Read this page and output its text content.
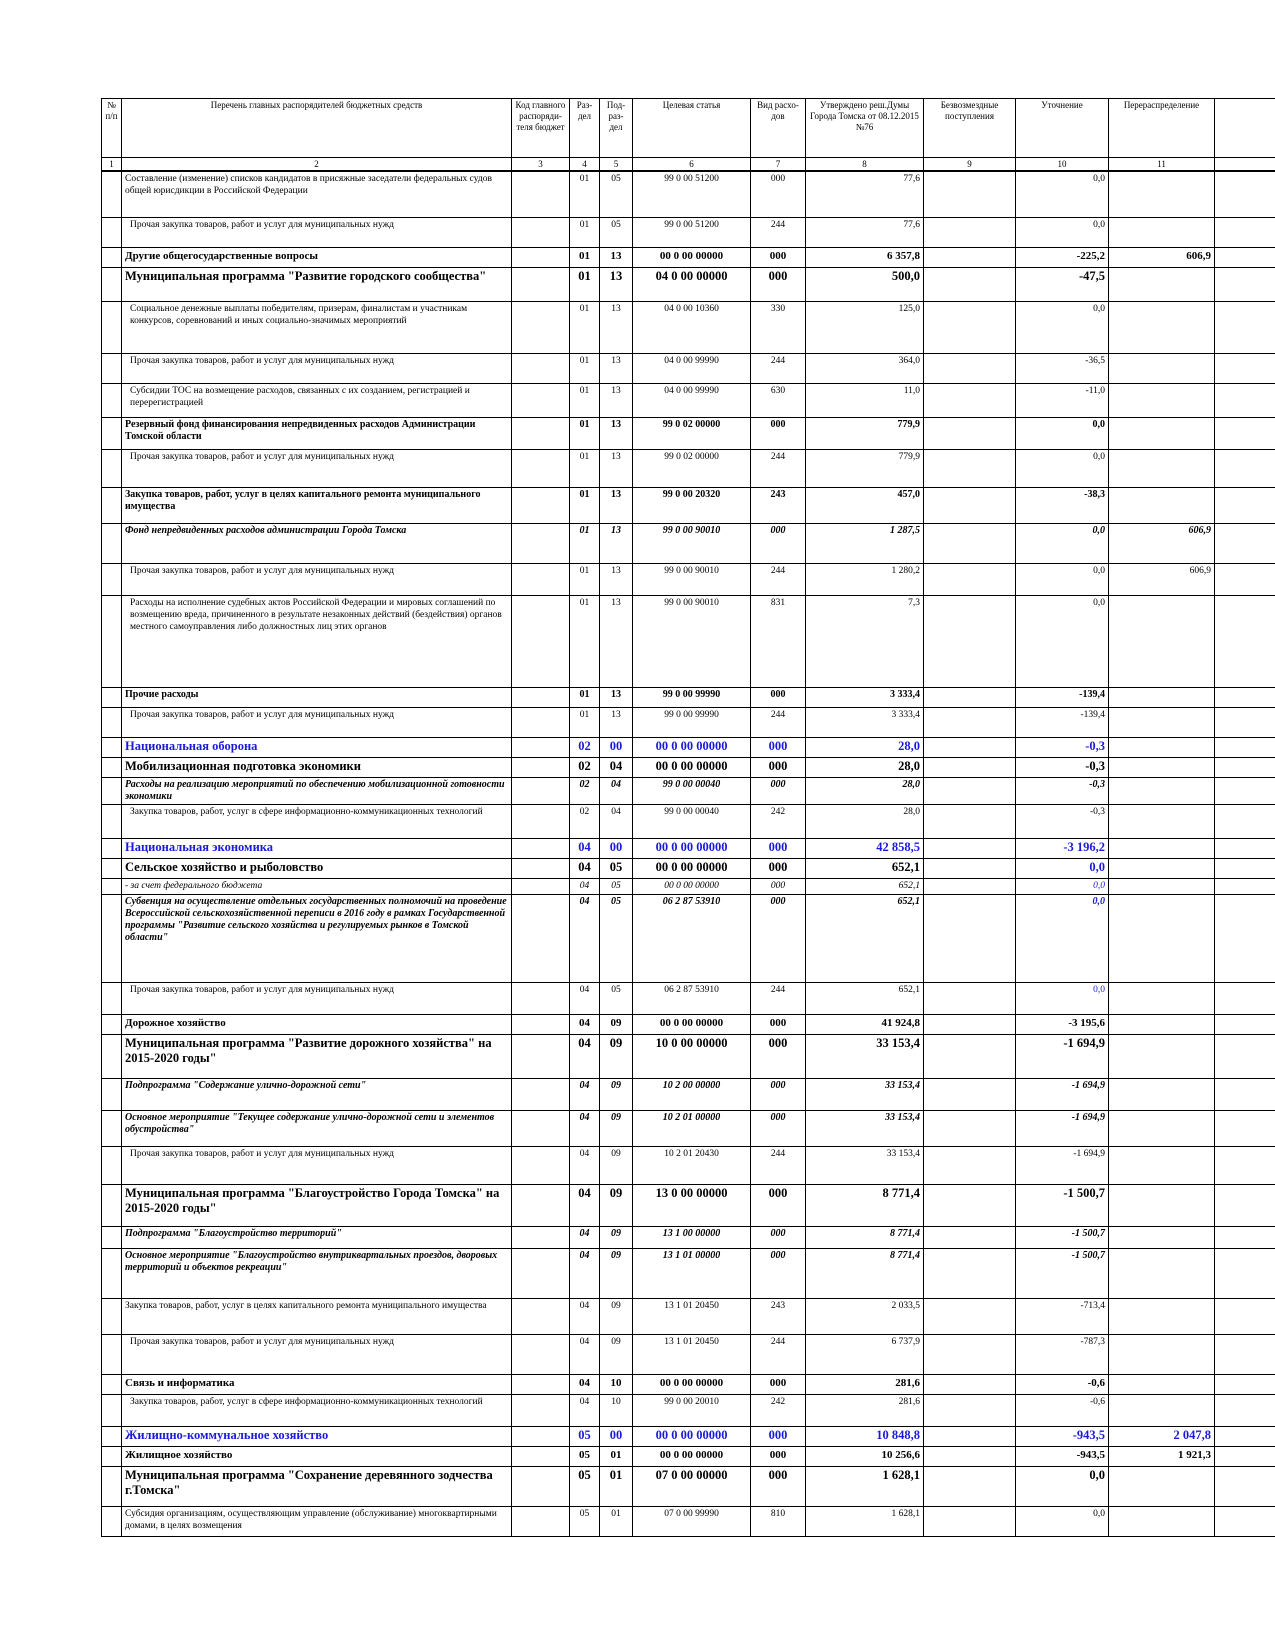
№ п/п	Перечень главных распорядителей бюджетных средств	Код главного распоряди-теля бюджет	Раз-дел	Под-раз-дел	Целевая статья	Вид расхо-дов	Утверждено реш.Думы Города Томска от 08.12.2015 №76	Безвозмездные поступления	Уточнение	Перераспределение	
1	2	3	4	5	6	7	8	9	10	11	
	Составление (изменение) списков кандидатов в присяжные заседатели федеральных судов общей юрисдикции в Российской Федерации		01	05	99 0 00 51200	000	77,6		0,0		
	Прочая закупка товаров, работ и услуг для муниципальных нужд		01	05	99 0 00 51200	244	77,6		0,0		
	Другие общегосударственные вопросы		01	13	00 0 00 00000	000	6 357,8		-225,2	606,9	
	Муниципальная программа "Развитие городского сообщества"		01	13	04 0 00 00000	000	500,0		-47,5		
	Социальное денежные выплаты победителям, призерам, финалистам и участникам конкурсов, соревнований и иных социально-значимых мероприятий		01	13	04 0 00 10360	330	125,0		0,0		
	Прочая закупка товаров, работ и услуг для муниципальных нужд		01	13	04 0 00 99990	244	364,0		-36,5		
	Субсидии ТОС на возмещение расходов, связанных с их созданием, регистрацией и перерегистрацией		01	13	04 0 00 99990	630	11,0		-11,0		
	Резервный фонд финансирования непредвиденных расходов Администрации Томской области		01	13	99 0 02 00000	000	779,9		0,0		
	Прочая закупка товаров, работ и услуг для муниципальных нужд		01	13	99 0 02 00000	244	779,9		0,0		
	Закупка товаров, работ, услуг в целях капитального ремонта муниципального имущества		01	13	99 0 00 20320	243	457,0		-38,3		
	Фонд непредвиденных расходов администрации Города Томска		01	13	99 0 00 90010	000	1 287,5		0,0	606,9	
	Прочая закупка товаров, работ и услуг для муниципальных нужд		01	13	99 0 00 90010	244	1 280,2		0,0	606,9	
	Расходы на исполнение судебных актов Российской Федерации и мировых соглашений по возмещению вреда, причиненного в результате незаконных действий (бездействия) органов местного самоуправления либо должностных лиц этих органов		01	13	99 0 00 90010	831	7,3		0,0		
	Прочие расходы		01	13	99 0 00 99990	000	3 333,4		-139,4		
	Прочая закупка товаров, работ и услуг для муниципальных нужд		01	13	99 0 00 99990	244	3 333,4		-139,4		
	Национальная оборона		02	00	00 0 00 00000	000	28,0		-0,3		
	Мобилизационная подготовка экономики		02	04	00 0 00 00000	000	28,0		-0,3		
	Расходы на реализацию мероприятий по обеспечению мобилизационной готовности экономики		02	04	99 0 00 00040	000	28,0		-0,3		
	Закупка товаров, работ, услуг в сфере информационно-коммуникационных технологий		02	04	99 0 00 00040	242	28,0		-0,3		
	Национальная экономика		04	00	00 0 00 00000	000	42 858,5		-3 196,2		
	Сельское хозяйство и рыболовство		04	05	00 0 00 00000	000	652,1		0,0		
	- за счет федерального бюджета		04	05	00 0 00 00000	000	652,1		0,0		
	Субвенция на осуществление отдельных государственных полномочий на проведение Всероссийской сельскохозяйственной переписи в 2016 году в рамках Государственной программы "Развитие сельского хозяйства и регулируемых рынков в Томской области"		04	05	06 2 87 53910	000	652,1		0,0		
	Прочая закупка товаров, работ и услуг для муниципальных нужд		04	05	06 2 87 53910	244	652,1		0,0		
	Дорожное хозяйство		04	09	00 0 00 00000	000	41 924,8		-3 195,6		
	Муниципальная программа "Развитие дорожного хозяйства" на 2015-2020 годы"		04	09	10 0 00 00000	000	33 153,4		-1 694,9		
	Подпрограмма "Содержание улично-дорожной сети"		04	09	10 2 00 00000	000	33 153,4		-1 694,9		
	Основное мероприятие "Текущее содержание улично-дорожной сети и элементов обустройства"		04	09	10 2 01 00000	000	33 153,4		-1 694,9		
	Прочая закупка товаров, работ и услуг для муниципальных нужд		04	09	10 2 01 20430	244	33 153,4		-1 694,9		
	Муниципальная программа "Благоустройство Города Томска" на 2015-2020 годы"		04	09	13 0 00 00000	000	8 771,4		-1 500,7		
	Подпрограмма "Благоустройство территорий"		04	09	13 1 00 00000	000	8 771,4		-1 500,7		
	Основное мероприятие "Благоустройство внутриквартальных проездов, дворовых территорий и объектов рекреации"		04	09	13 1 01 00000	000	8 771,4		-1 500,7		
	Закупка товаров, работ, услуг в целях капитального ремонта муниципального имущества		04	09	13 1 01 20450	243	2 033,5		-713,4		
	Прочая закупка товаров, работ и услуг для муниципальных нужд		04	09	13 1 01 20450	244	6 737,9		-787,3		
	Связь и информатика		04	10	00 0 00 00000	000	281,6		-0,6		
	Закупка товаров, работ, услуг в сфере информационно-коммуникационных технологий		04	10	99 0 00 20010	242	281,6		-0,6		
	Жилищно-коммунальное хозяйство		05	00	00 0 00 00000	000	10 848,8		-943,5	2 047,8	
	Жилищное хозяйство		05	01	00 0 00 00000	000	10 256,6		-943,5	1 921,3	
	Муниципальная программа "Сохранение деревянного зодчества г.Томска"		05	01	07 0 00 00000	000	1 628,1		0,0		
	Субсидия организациям, осуществляющим управление (обслуживание) многоквартирными домами, в целях возмещения		05	01	07 0 00 99990	810	1 628,1		0,0		
